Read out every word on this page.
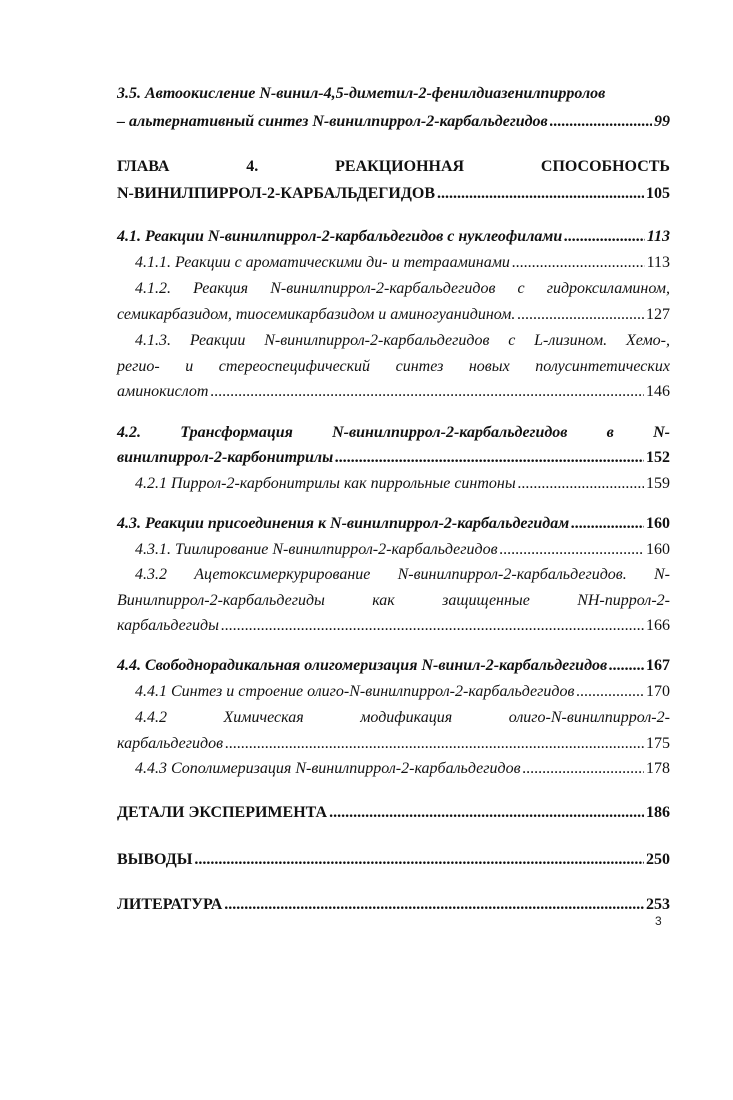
3.5. Автоокисление N-винил-4,5-диметил-2-фенилдиазенилпирролов
– альтернативный синтез N-винилпиррол-2-карбальдегидов .....	99
ГЛАВА	4.	РЕАКЦИОННАЯ	СПОСОБНОСТЬ
N-ВИНИЛПИРРОЛ-2-КАРБАЛЬДЕГИДОВ .....	105
4.1. Реакции N-винилпиррол-2-карбальдегидов с нуклеофилами .....	113
4.1.1. Реакции с ароматическими ди- и тетрааминами .....	113
4.1.2. Реакция N-винилпиррол-2-карбальдегидов с гидроксиламином,
семикарбазидом, тиосемикарбазидом и аминогуанидином. .....	127
4.1.3. Реакции N-винилпиррол-2-карбальдегидов с L-лизином. Хемо-,
регио- и стереоспецифический синтез новых полусинтетических
аминокислот .....	146
4.2. Трансформация N-винилпиррол-2-карбальдегидов в N-
винилпиррол-2-карбонитрилы .....	152
4.2.1 Пиррол-2-карбонитрилы как пиррольные синтоны .....	159
4.3. Реакции присоединения к N-винилпиррол-2-карбальдегидам .....	160
4.3.1. Тиилирование N-винилпиррол-2-карбальдегидов .....	160
4.3.2 Ацетоксимеркурирование N-винилпиррол-2-карбальдегидов. N-
Винилпиррол-2-карбальдегиды	как	защищенные	NH-пиррол-2-
карбальдегиды .....	166
4.4. Свободнорадикальная олигомеризация N-винил-2-карбальдегидов ..... 167
4.4.1 Синтез и строение олиго-N-винилпиррол-2-карбальдегидов .....	170
4.4.2	Химическая	модификация	олиго-N-винилпиррол-2-
карбальдегидов .....	175
4.4.3 Сополимеризация N-винилпиррол-2-карбальдегидов .....	178
ДЕТАЛИ ЭКСПЕРИМЕНТА .....	186
ВЫВОДЫ .....	250
ЛИТЕРАТУРА .....	253
3
